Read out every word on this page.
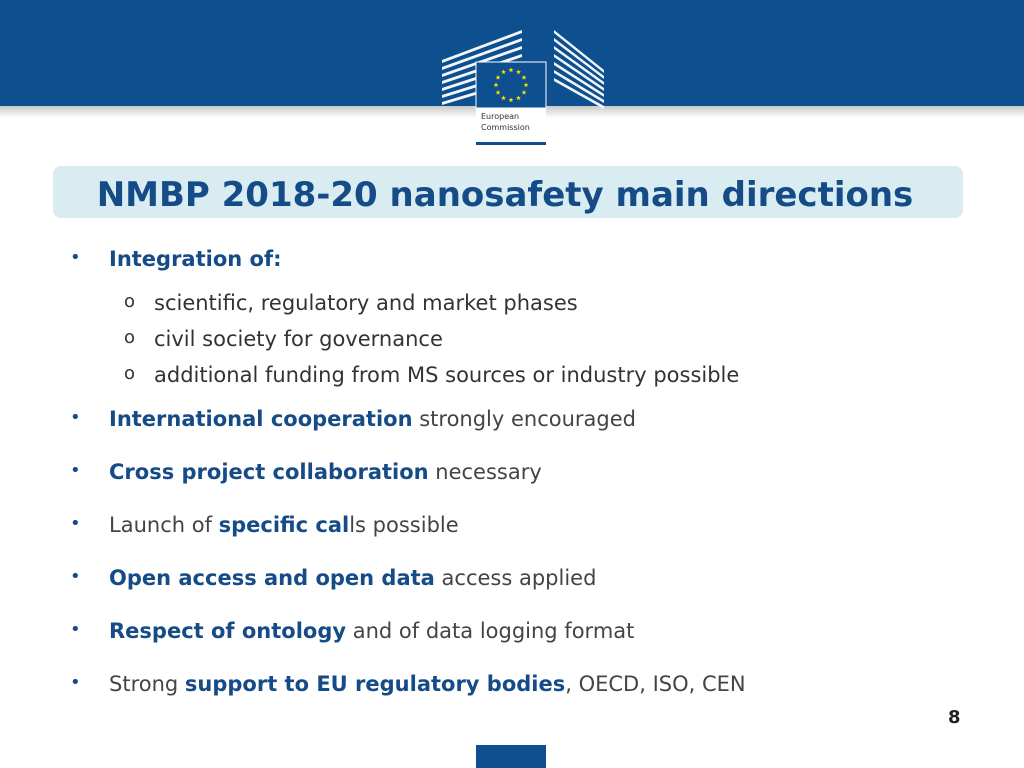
European
Commission
NMBP 2018-20 nanosafety main directions
• Integration of:
o scientific, regulatory and market phases
o civil society for governance
o additional funding from MS sources or industry possible
• International cooperation strongly encouraged
• Cross project collaboration necessary
• Launch of specific calls possible
• Open access and open data access applied
• Respect of ontology and of data logging format
• Strong support to EU regulatory bodies, OECD, ISO, CEN
8
